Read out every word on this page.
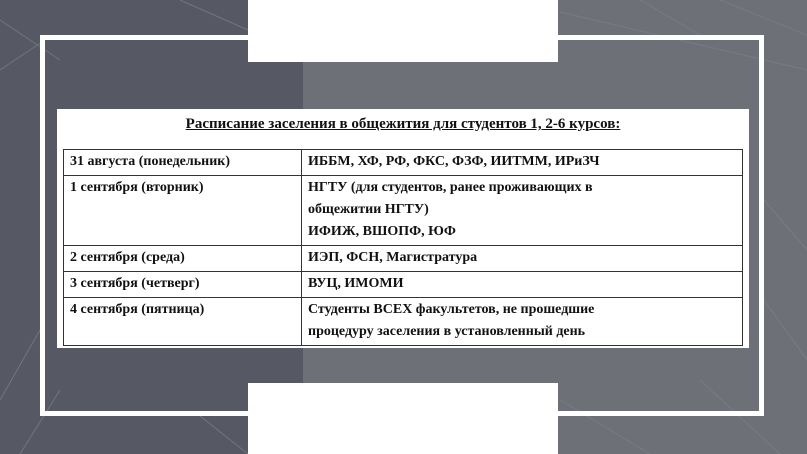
Расписание заселения в общежития для студентов 1, 2-6 курсов:
31 августа (понедельник)	ИББМ, ХФ, РФ, ФКС, ФЗФ, ИИТММ, ИРиЗЧ

1 сентября (вторник)	НГТУ (для студентов, ранее проживающих в
общежитии НГТУ)
ИФИЖ, ВШОПФ, ЮФ

2 сентября (среда)	ИЭП, ФСН, Магистратура

3 сентября (четверг)	ВУЦ, ИМОМИ

4 сентября (пятница)	Студенты ВСЕХ факультетов, не прошедшие
процедуру заселения в установленный день
